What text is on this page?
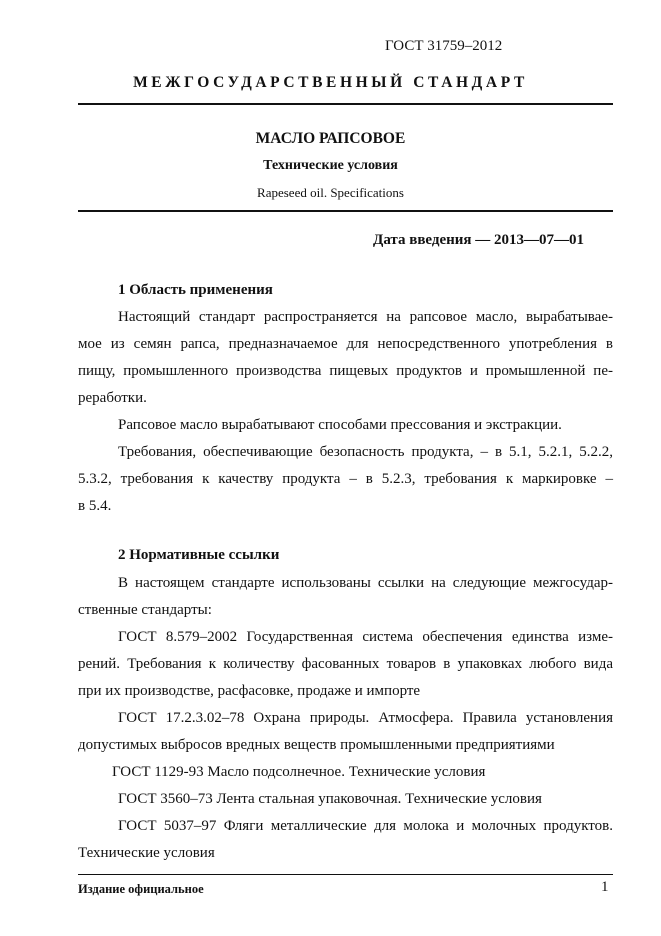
ГОСТ 31759–2012
МЕЖГОСУДАРСТВЕННЫЙ СТАНДАРТ
МАСЛО РАПСОВОЕ
Технические условия
Rapeseed oil. Specifications
Дата введения — 2013—07—01
1 Область применения
Настоящий стандарт распространяется на рапсовое масло, вырабатывае-
мое из семян рапса, предназначаемое для непосредственного употребления в
пищу, промышленного производства пищевых продуктов и промышленной пе-
реработки.
Рапсовое масло вырабатывают способами прессования и экстракции.
Требования, обеспечивающие безопасность продукта, – в 5.1, 5.2.1, 5.2.2,
5.3.2, требования к качеству продукта – в 5.2.3, требования к маркировке –
в 5.4.
2 Нормативные ссылки
В настоящем стандарте использованы ссылки на следующие межгосудар-
ственные стандарты:
ГОСТ 8.579–2002 Государственная система обеспечения единства изме-
рений. Требования к количеству фасованных товаров в упаковках любого вида
при их производстве, расфасовке, продаже и импорте
ГОСТ 17.2.3.02–78 Охрана природы. Атмосфера. Правила установления
допустимых выбросов вредных веществ промышленными предприятиями
ГОСТ 1129-93 Масло подсолнечное. Технические условия
ГОСТ 3560–73 Лента стальная упаковочная. Технические условия
ГОСТ 5037–97 Фляги металлические для молока и молочных продуктов.
Технические условия
Издание официальное	1
